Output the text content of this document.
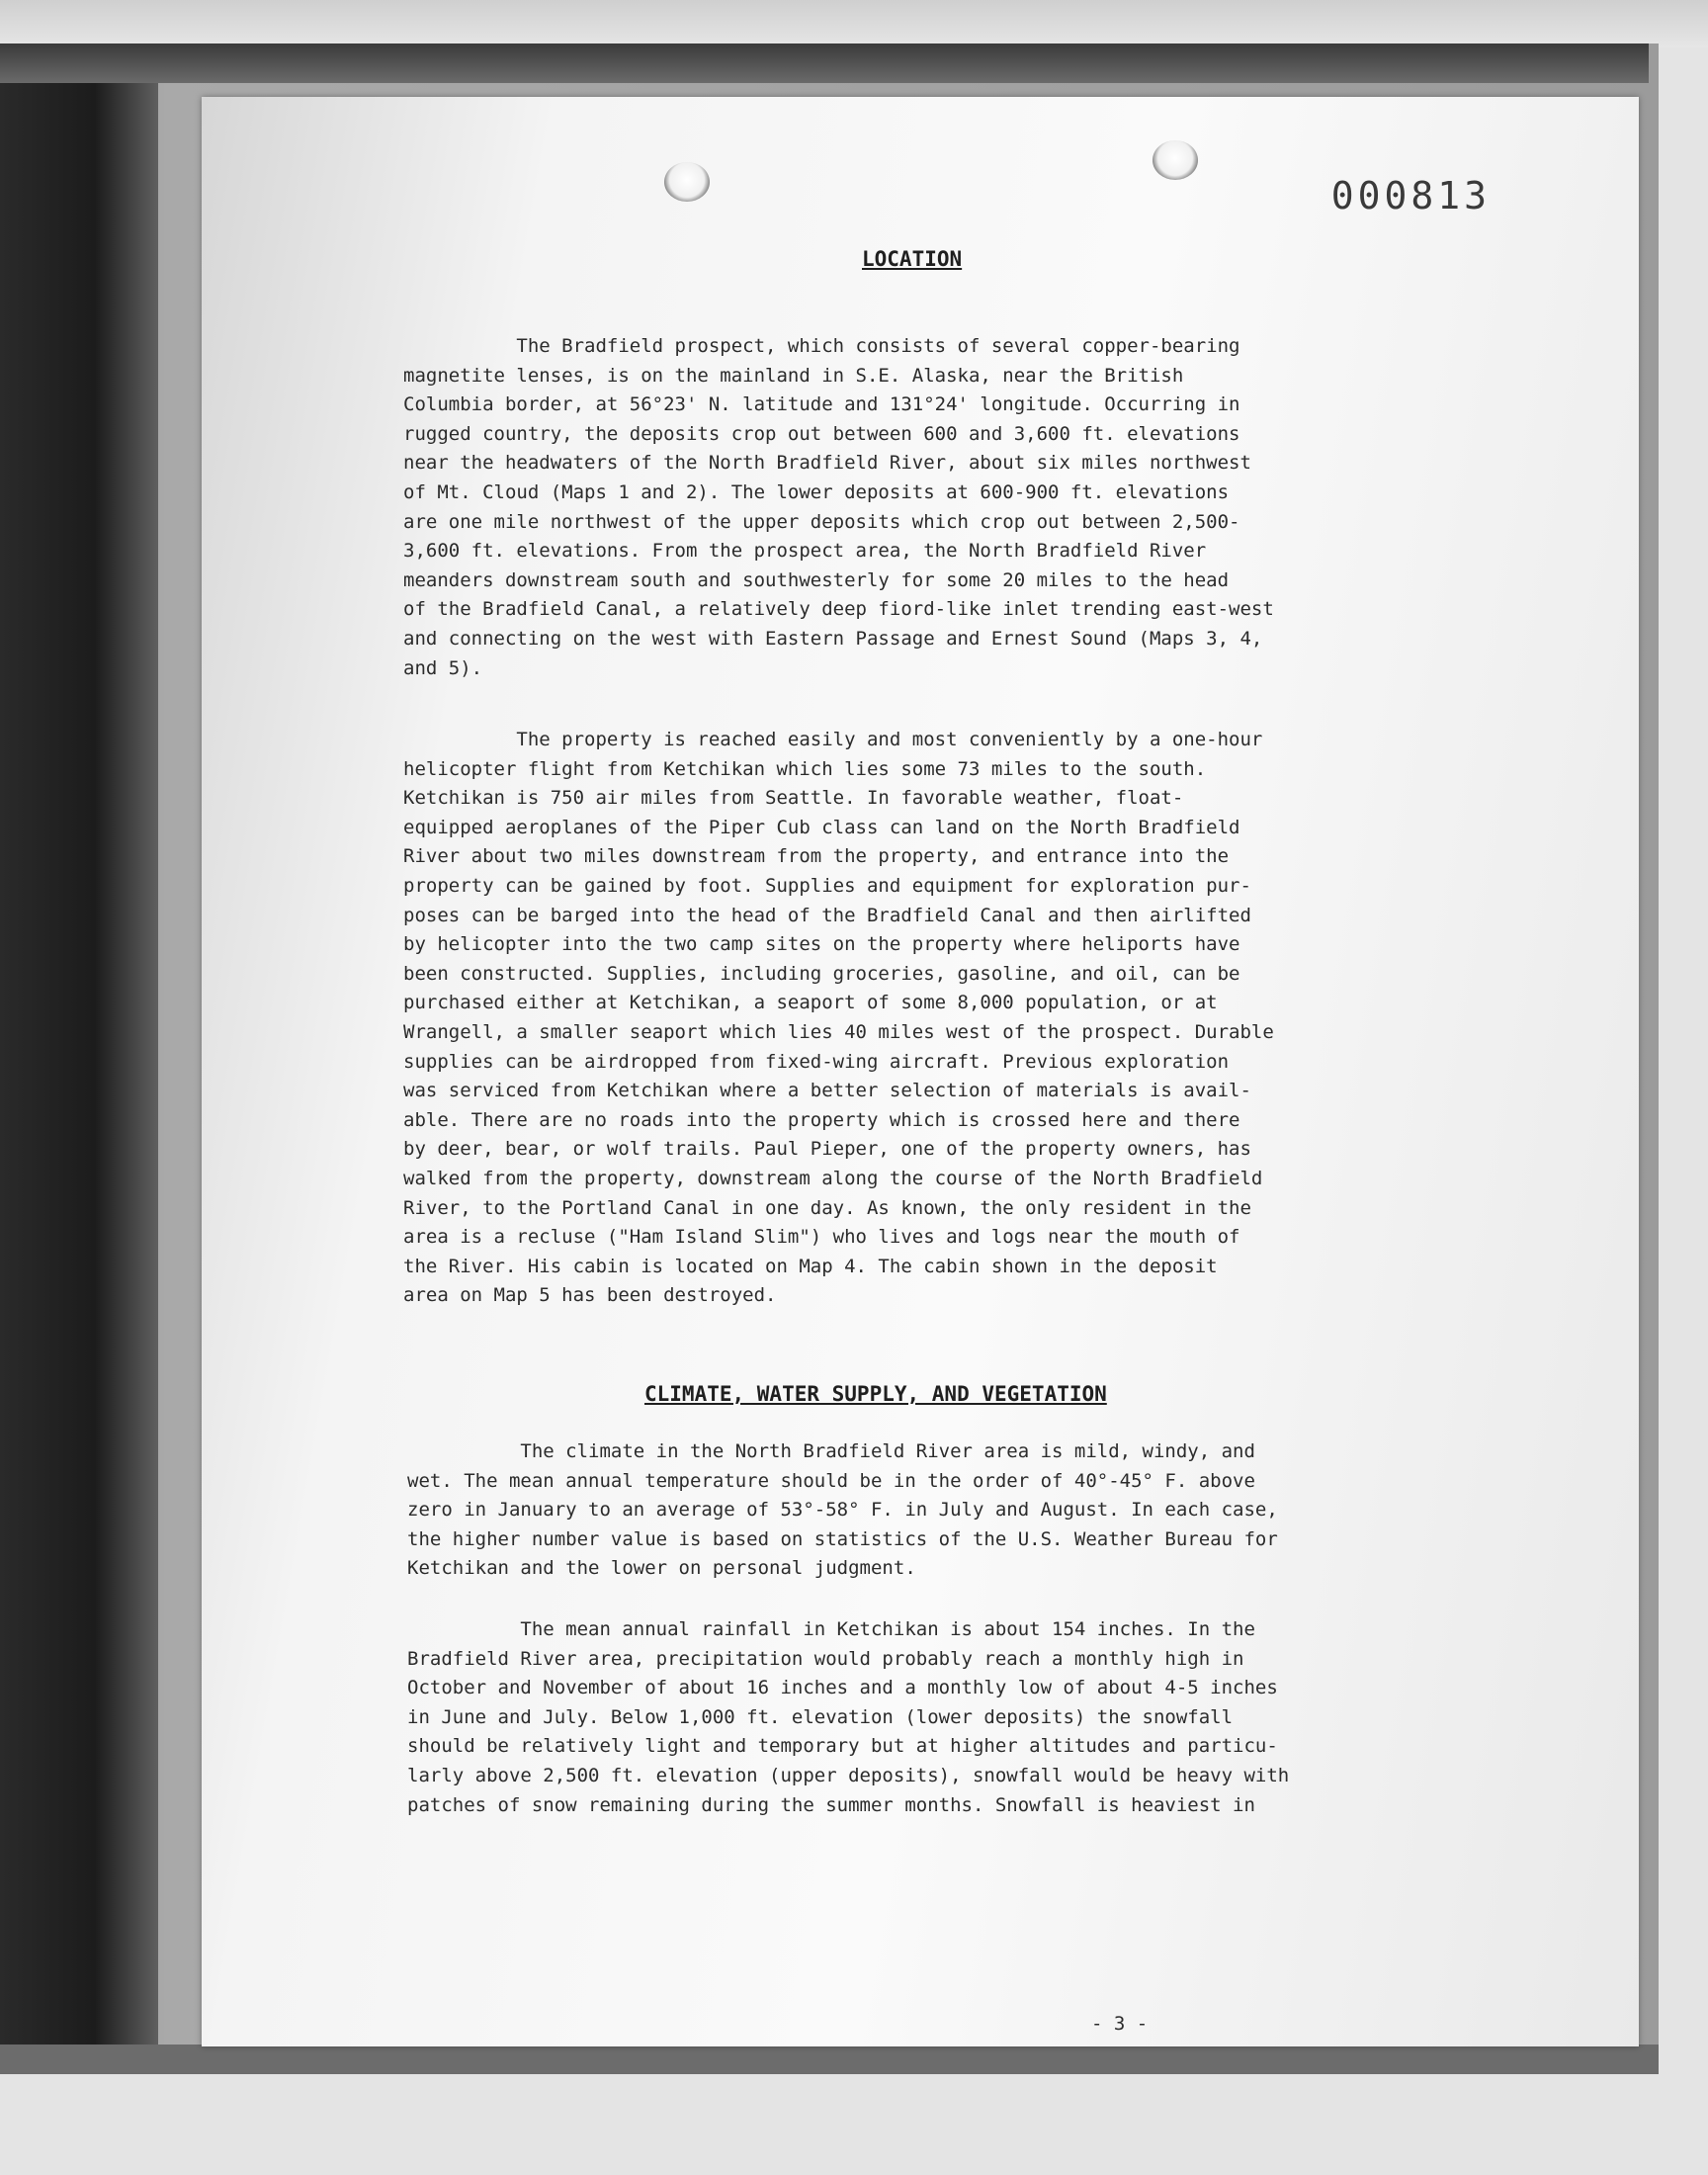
000813
LOCATION
The Bradfield prospect, which consists of several copper-bearing
magnetite lenses, is on the mainland in S.E. Alaska, near the British
Columbia border, at 56°23' N. latitude and 131°24' longitude. Occurring in
rugged country, the deposits crop out between 600 and 3,600 ft. elevations
near the headwaters of the North Bradfield River, about six miles northwest
of Mt. Cloud (Maps 1 and 2). The lower deposits at 600-900 ft. elevations
are one mile northwest of the upper deposits which crop out between 2,500-
3,600 ft. elevations. From the prospect area, the North Bradfield River
meanders downstream south and southwesterly for some 20 miles to the head
of the Bradfield Canal, a relatively deep fiord-like inlet trending east-west
and connecting on the west with Eastern Passage and Ernest Sound (Maps 3, 4,
and 5).
The property is reached easily and most conveniently by a one-hour
helicopter flight from Ketchikan which lies some 73 miles to the south.
Ketchikan is 750 air miles from Seattle. In favorable weather, float-
equipped aeroplanes of the Piper Cub class can land on the North Bradfield
River about two miles downstream from the property, and entrance into the
property can be gained by foot. Supplies and equipment for exploration pur-
poses can be barged into the head of the Bradfield Canal and then airlifted
by helicopter into the two camp sites on the property where heliports have
been constructed. Supplies, including groceries, gasoline, and oil, can be
purchased either at Ketchikan, a seaport of some 8,000 population, or at
Wrangell, a smaller seaport which lies 40 miles west of the prospect. Durable
supplies can be airdropped from fixed-wing aircraft. Previous exploration
was serviced from Ketchikan where a better selection of materials is avail-
able. There are no roads into the property which is crossed here and there
by deer, bear, or wolf trails. Paul Pieper, one of the property owners, has
walked from the property, downstream along the course of the North Bradfield
River, to the Portland Canal in one day. As known, the only resident in the
area is a recluse ("Ham Island Slim") who lives and logs near the mouth of
the River. His cabin is located on Map 4. The cabin shown in the deposit
area on Map 5 has been destroyed.
CLIMATE, WATER SUPPLY, AND VEGETATION
The climate in the North Bradfield River area is mild, windy, and
wet. The mean annual temperature should be in the order of 40°-45° F. above
zero in January to an average of 53°-58° F. in July and August. In each case,
the higher number value is based on statistics of the U.S. Weather Bureau for
Ketchikan and the lower on personal judgment.
The mean annual rainfall in Ketchikan is about 154 inches. In the
Bradfield River area, precipitation would probably reach a monthly high in
October and November of about 16 inches and a monthly low of about 4-5 inches
in June and July. Below 1,000 ft. elevation (lower deposits) the snowfall
should be relatively light and temporary but at higher altitudes and particu-
larly above 2,500 ft. elevation (upper deposits), snowfall would be heavy with
patches of snow remaining during the summer months. Snowfall is heaviest in
- 3 -
